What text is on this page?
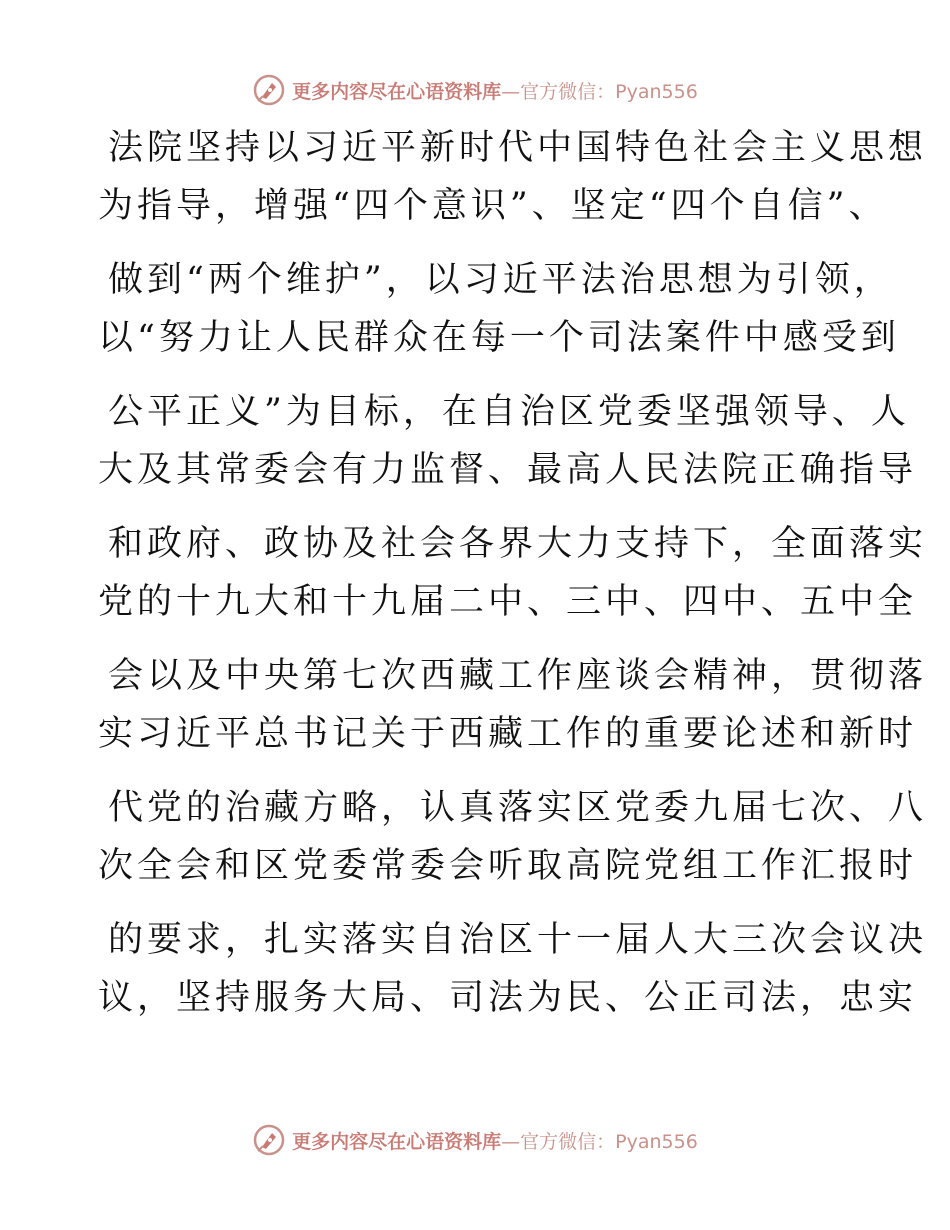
更多内容尽在心语资料库—官方微信：Pyan556
法院坚持以习近平新时代中国特色社会主义思想
为指导，增强“四个意识”、坚定“四个自信”、
做到“两个维护”，以习近平法治思想为引领，
以“努力让人民群众在每一个司法案件中感受到
公平正义”为目标，在自治区党委坚强领导、人
大及其常委会有力监督、最高人民法院正确指导
和政府、政协及社会各界大力支持下，全面落实
党的十九大和十九届二中、三中、四中、五中全
会以及中央第七次西藏工作座谈会精神，贯彻落
实习近平总书记关于西藏工作的重要论述和新时
代党的治藏方略，认真落实区党委九届七次、八
次全会和区党委常委会听取高院党组工作汇报时
的要求，扎实落实自治区十一届人大三次会议决
议，坚持服务大局、司法为民、公正司法，忠实
更多内容尽在心语资料库—官方微信：Pyan556
